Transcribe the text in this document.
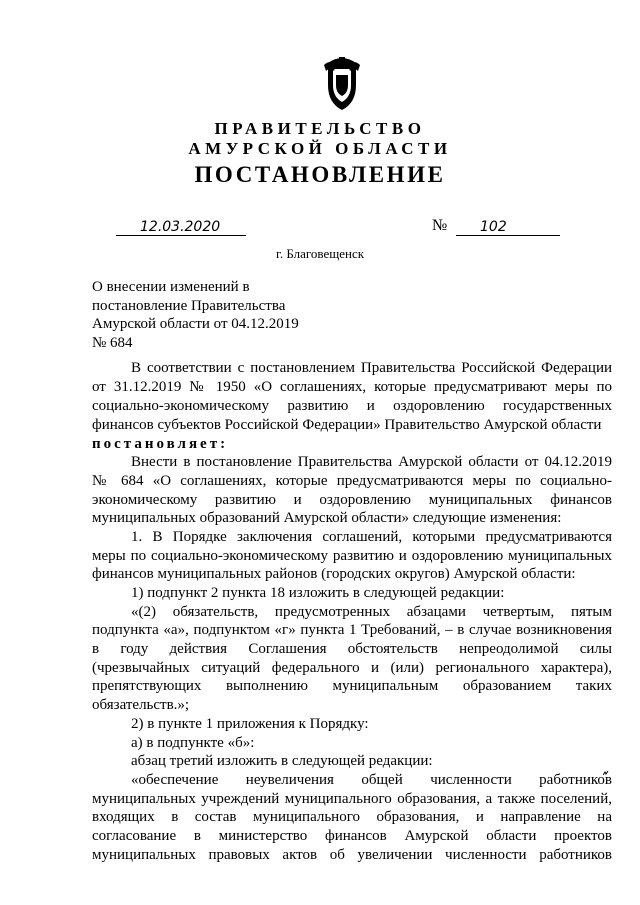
ПРАВИТЕЛЬСТВО
АМУРСКОЙ ОБЛАСТИ
ПОСТАНОВЛЕНИЕ
12.03.2020	№ 102
г. Благовещенск
О внесении изменений в
постановление Правительства
Амурской области от 04.12.2019
№ 684
В соответствии с постановлением Правительства Российской Федерации
от 31.12.2019 № 1950 «О соглашениях, которые предусматривают меры по
социально-экономическому развитию и оздоровлению государственных
финансов субъектов Российской Федерации» Правительство Амурской области
постановляет:
Внести в постановление Правительства Амурской области от 04.12.2019
№ 684 «О соглашениях, которые предусматриваются меры по социально-
экономическому развитию и оздоровлению муниципальных финансов
муниципальных образований Амурской области» следующие изменения:
1. В Порядке заключения соглашений, которыми предусматриваются
меры по социально-экономическому развитию и оздоровлению муниципальных
финансов муниципальных районов (городских округов) Амурской области:
1) подпункт 2 пункта 18 изложить в следующей редакции:
«(2) обязательств, предусмотренных абзацами четвертым, пятым
подпункта «а», подпунктом «г» пункта 1 Требований, – в случае возникновения
в году действия Соглашения обстоятельств непреодолимой силы
(чрезвычайных ситуаций федерального и (или) регионального характера),
препятствующих выполнению муниципальным образованием таких
обязательств.»;
2) в пункте 1 приложения к Порядку:
а) в подпункте «б»:
абзац третий изложить в следующей редакции:
«обеспечение неувеличения общей численности работников
муниципальных учреждений муниципального образования, а также поселений,
входящих в состав муниципального образования, и направление на
согласование в министерство финансов Амурской области проектов
муниципальных правовых актов об увеличении численности работников
